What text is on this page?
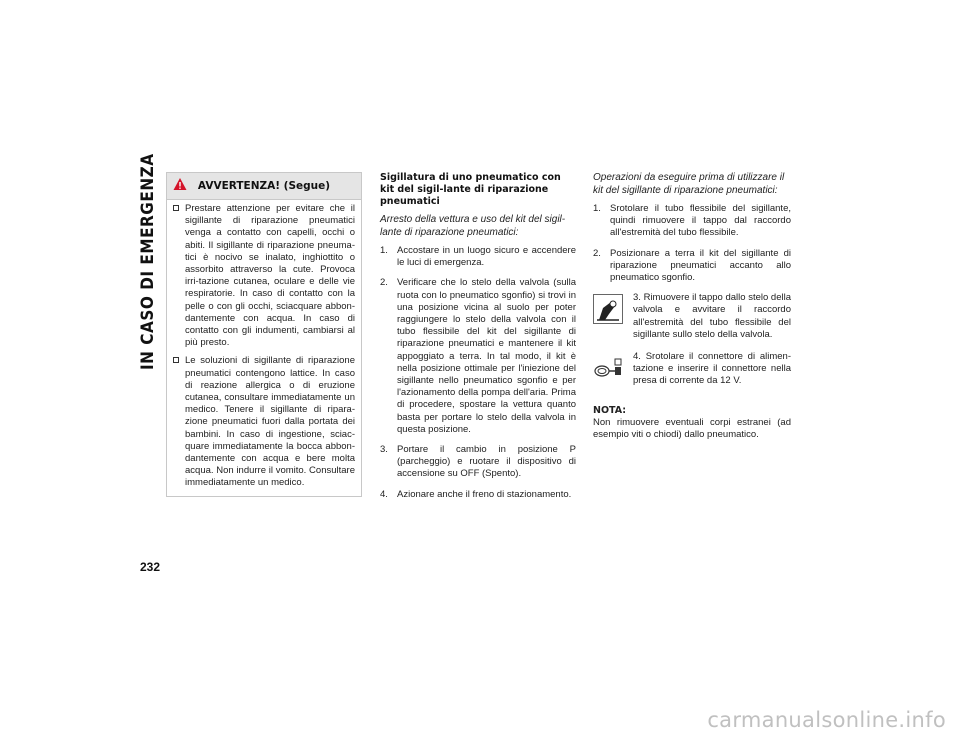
IN CASO DI EMERGENZA
232
AVVERTENZA! (Segue)
Prestare attenzione per evitare che il sigillante di riparazione pneumatici venga a contatto con capelli, occhi o abiti. Il sigillante di riparazione pneuma-tici è nocivo se inalato, inghiottito o assorbito attraverso la cute. Provoca irri-tazione cutanea, oculare e delle vie respiratorie. In caso di contatto con la pelle o con gli occhi, sciacquare abbon-dantemente con acqua. In caso di contatto con gli indumenti, cambiarsi al più presto.
Le soluzioni di sigillante di riparazione pneumatici contengono lattice. In caso di reazione allergica o di eruzione cutanea, consultare immediatamente un medico. Tenere il sigillante di ripara-zione pneumatici fuori dalla portata dei bambini. In caso di ingestione, sciac-quare immediatamente la bocca abbon-dantemente con acqua e bere molta acqua. Non indurre il vomito. Consultare immediatamente un medico.
Sigillatura di uno pneumatico con kit del sigil-lante di riparazione pneumatici
Arresto della vettura e uso del kit del sigil-lante di riparazione pneumatici:
1. Accostare in un luogo sicuro e accendere le luci di emergenza.
2. Verificare che lo stelo della valvola (sulla ruota con lo pneumatico sgonfio) si trovi in una posizione vicina al suolo per poter raggiungere lo stelo della valvola con il tubo flessibile del kit del sigillante di riparazione pneumatici e mantenere il kit appoggiato a terra. In tal modo, il kit è nella posizione ottimale per l'iniezione del sigillante nello pneumatico sgonfio e per l'azionamento della pompa dell'aria. Prima di procedere, spostare la vettura quanto basta per portare lo stelo della valvola in questa posizione.
3. Portare il cambio in posizione P (parcheggio) e ruotare il dispositivo di accensione su OFF (Spento).
4. Azionare anche il freno di stazionamento.
Operazioni da eseguire prima di utilizzare il kit del sigillante di riparazione pneumatici:
1. Srotolare il tubo flessibile del sigillante, quindi rimuovere il tappo dal raccordo all'estremità del tubo flessibile.
2. Posizionare a terra il kit del sigillante di riparazione pneumatici accanto allo pneumatico sgonfio.
3. Rimuovere il tappo dallo stelo della valvola e avvitare il raccordo all'estremità del tubo flessibile del sigillante sullo stelo della valvola.
4. Srotolare il connettore di alimen-tazione e inserire il connettore nella presa di corrente da 12 V.
NOTA:
Non rimuovere eventuali corpi estranei (ad esempio viti o chiodi) dallo pneumatico.
carmanualsonline.info
